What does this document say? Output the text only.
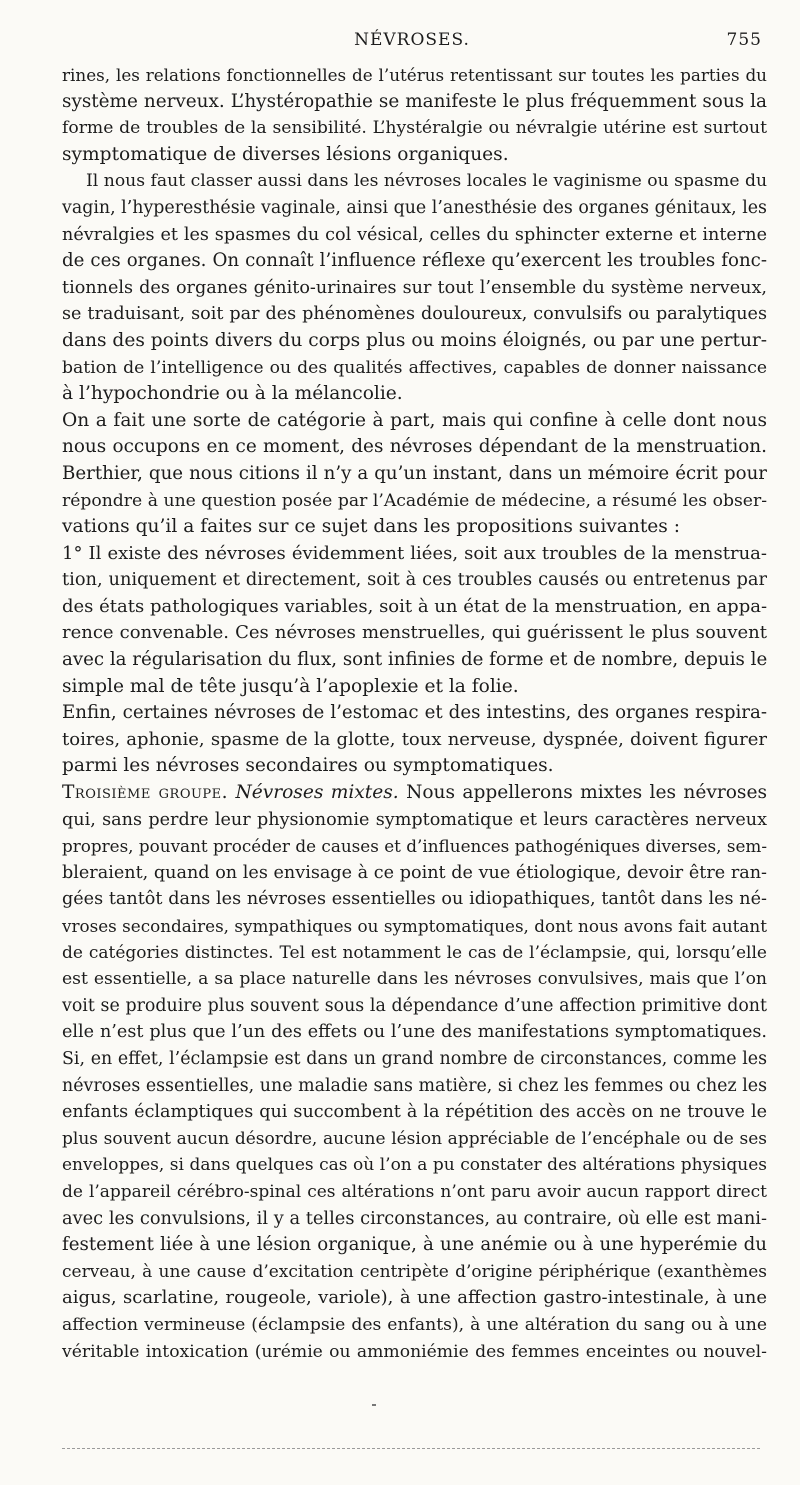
NÉVROSES.	755
rines, les relations fonctionnelles de l’utérus retentissant sur toutes les parties du
système nerveux. L’hystéropathie se manifeste le plus fréquemment sous la
forme de troubles de la sensibilité. L’hystéralgie ou névralgie utérine est surtout
symptomatique de diverses lésions organiques.
Il nous faut classer aussi dans les névroses locales le vaginisme ou spasme du
vagin, l’hyperesthésie vaginale, ainsi que l’anesthésie des organes génitaux, les
névralgies et les spasmes du col vésical, celles du sphincter externe et interne
de ces organes. On connaît l’influence réflexe qu’exercent les troubles fonc-
tionnels des organes génito-urinaires sur tout l’ensemble du système nerveux,
se traduisant, soit par des phénomènes douloureux, convulsifs ou paralytiques
dans des points divers du corps plus ou moins éloignés, ou par une pertur-
bation de l’intelligence ou des qualités affectives, capables de donner naissance
à l’hypochondrie ou à la mélancolie.
On a fait une sorte de catégorie à part, mais qui confine à celle dont nous
nous occupons en ce moment, des névroses dépendant de la menstruation.
Berthier, que nous citions il n’y a qu’un instant, dans un mémoire écrit pour
répondre à une question posée par l’Académie de médecine, a résumé les obser-
vations qu’il a faites sur ce sujet dans les propositions suivantes :
1° Il existe des névroses évidemment liées, soit aux troubles de la menstrua-
tion, uniquement et directement, soit à ces troubles causés ou entretenus par
des états pathologiques variables, soit à un état de la menstruation, en appa-
rence convenable. Ces névroses menstruelles, qui guérissent le plus souvent
avec la régularisation du flux, sont infinies de forme et de nombre, depuis le
simple mal de tête jusqu’à l’apoplexie et la folie.
Enfin, certaines névroses de l’estomac et des intestins, des organes respira-
toires, aphonie, spasme de la glotte, toux nerveuse, dyspnée, doivent figurer
parmi les névroses secondaires ou symptomatiques.
Troisième groupe. Névroses mixtes. Nous appellerons mixtes les névroses
qui, sans perdre leur physionomie symptomatique et leurs caractères nerveux
propres, pouvant procéder de causes et d’influences pathogéniques diverses, sem-
bleraient, quand on les envisage à ce point de vue étiologique, devoir être ran-
gées tantôt dans les névroses essentielles ou idiopathiques, tantôt dans les né-
vroses secondaires, sympathiques ou symptomatiques, dont nous avons fait autant
de catégories distinctes. Tel est notamment le cas de l’éclampsie, qui, lorsqu’elle
est essentielle, a sa place naturelle dans les névroses convulsives, mais que l’on
voit se produire plus souvent sous la dépendance d’une affection primitive dont
elle n’est plus que l’un des effets ou l’une des manifestations symptomatiques.
Si, en effet, l’éclampsie est dans un grand nombre de circonstances, comme les
névroses essentielles, une maladie sans matière, si chez les femmes ou chez les
enfants éclamptiques qui succombent à la répétition des accès on ne trouve le
plus souvent aucun désordre, aucune lésion appréciable de l’encéphale ou de ses
enveloppes, si dans quelques cas où l’on a pu constater des altérations physiques
de l’appareil cérébro-spinal ces altérations n’ont paru avoir aucun rapport direct
avec les convulsions, il y a telles circonstances, au contraire, où elle est mani-
festement liée à une lésion organique, à une anémie ou à une hyperémie du
cerveau, à une cause d’excitation centripète d’origine périphérique (exanthèmes
aigus, scarlatine, rougeole, variole), à une affection gastro-intestinale, à une
affection vermineuse (éclampsie des enfants), à une altération du sang ou à une
véritable intoxication (urémie ou ammoniémie des femmes enceintes ou nouvel-
